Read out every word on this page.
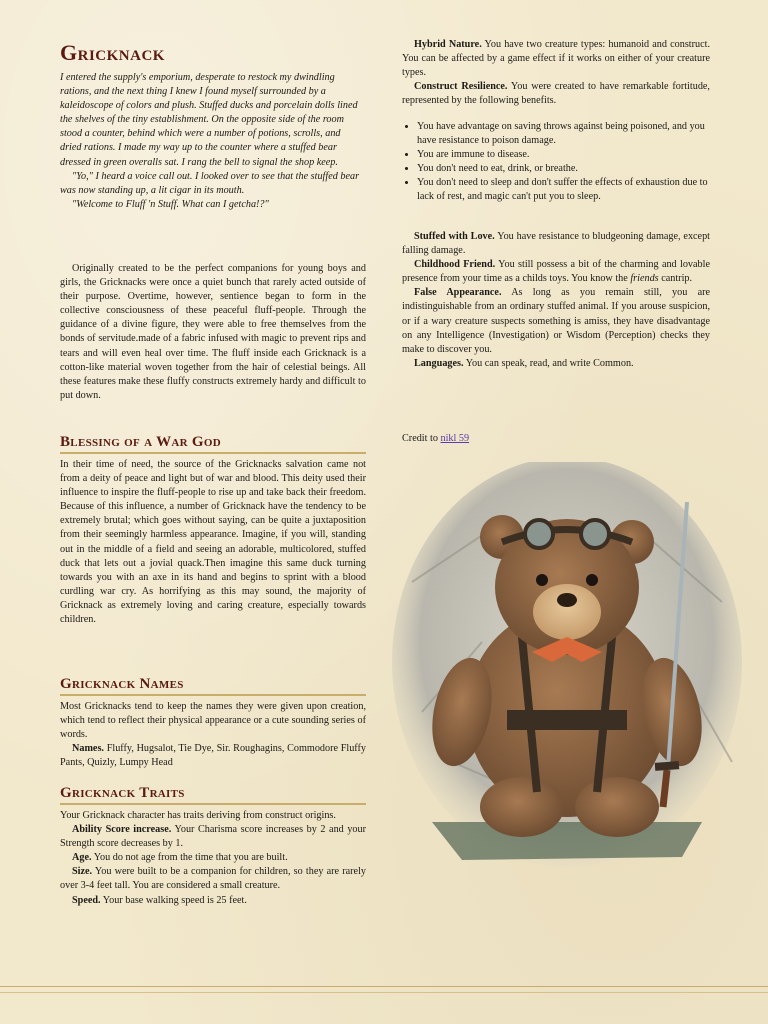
Gricknack

I entered the supply's emporium, desperate to restock my dwindling rations, and the next thing I knew I found myself surrounded by a kaleidoscope of colors and plush. Stuffed ducks and porcelain dolls lined the shelves of the tiny establishment. On the opposite side of the room stood a counter, behind which were a number of potions, scrolls, and dried rations. I made my way up to the counter where a stuffed bear dressed in green overalls sat. I rang the bell to signal the shop keep.

"Yo," I heard a voice call out. I looked over to see that the stuffed bear was now standing up, a lit cigar in its mouth.

"Welcome to Fluff 'n Stuff. What can I getcha!?"

Originally created to be the perfect companions for young boys and girls, the Gricknacks were once a quiet bunch that rarely acted outside of their purpose. Overtime, however, sentience began to form in the collective consciousness of these peaceful fluff-people. Through the guidance of a divine figure, they were able to free themselves from the bonds of servitude.made of a fabric infused with magic to prevent rips and tears and will even heal over time. The fluff inside each Gricknack is a cotton-like material woven together from the hair of celestial beings. All these features make these fluffy constructs extremely hardy and difficult to put down.

Blessing of a War God

In their time of need, the source of the Gricknacks salvation came not from a deity of peace and light but of war and blood. This deity used their influence to inspire the fluff-people to rise up and take back their freedom. Because of this influence, a number of Gricknack have the tendency to be extremely brutal; which goes without saying, can be quite a juxtaposition from their seemingly harmless appearance. Imagine, if you will, standing out in the middle of a field and seeing an adorable, multicolored, stuffed duck that lets out a jovial quack.Then imagine this same duck turning towards you with an axe in its hand and begins to sprint with a blood curdling war cry. As horrifying as this may sound, the majority of Gricknack as extremely loving and caring creature, especially towards children.

Gricknack Names

Most Gricknacks tend to keep the names they were given upon creation, which tend to reflect their physical appearance or a cute sounding series of words.

Names. Fluffy, Hugsalot, Tie Dye, Sir. Roughagins, Commodore Fluffy Pants, Quizly, Lumpy Head

Gricknack Traits

Your Gricknack character has traits deriving from construct origins.

Ability Score increase. Your Charisma score increases by 2 and your Strength score decreases by 1.

Age. You do not age from the time that you are built.

Size. You were built to be a companion for children, so they are rarely over 3-4 feet tall. You are considered a small creature.

Speed. Your base walking speed is 25 feet.

Hybrid Nature. You have two creature types: humanoid and construct. You can be affected by a game effect if it works on either of your creature types.

Construct Resilience. You were created to have remarkable fortitude, represented by the following benefits.

• You have advantage on saving throws against being poisoned, and you have resistance to poison damage.
• You are immune to disease.
• You don't need to eat, drink, or breathe.
• You don't need to sleep and don't suffer the effects of exhaustion due to lack of rest, and magic can't put you to sleep.

Stuffed with Love. You have resistance to bludgeoning damage, except falling damage.

Childhood Friend. You still possess a bit of the charming and lovable presence from your time as a childs toys. You know the friends cantrip.

False Appearance. As long as you remain still, you are indistinguishable from an ordinary stuffed animal. If you arouse suspicion, or if a wary creature suspects something is amiss, they have disadvantage on any Intelligence (Investigation) or Wisdom (Perception) checks they make to discover you.

Languages. You can speak, read, and write Common.

Credit to nikl 59
